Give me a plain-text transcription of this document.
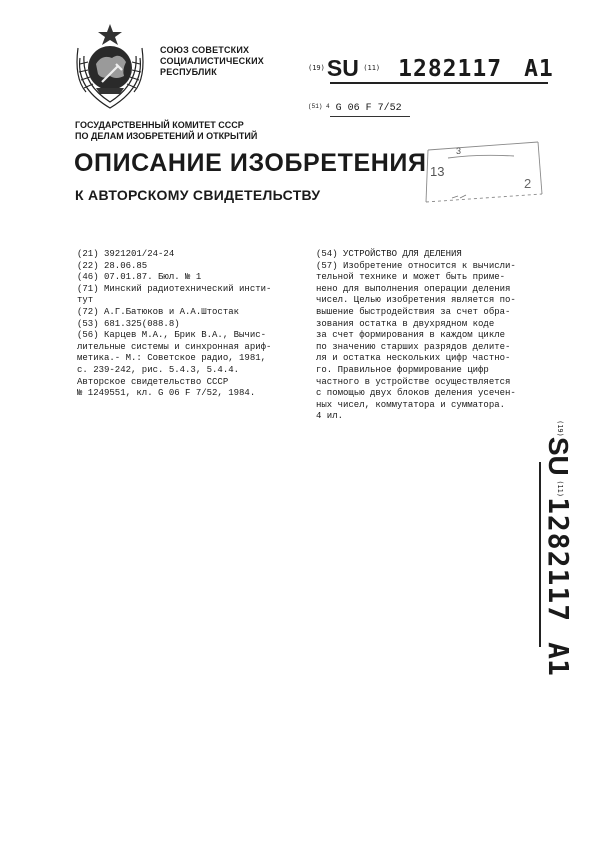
СОЮЗ СОВЕТСКИХ
СОЦИАЛИСТИЧЕСКИХ
РЕСПУБЛИК	$^{(19)}$SU $^{(11)}$ 1282117 A1
$^{(51) 4}$ G 06 F 7/52
ГОСУДАРСТВЕННЫЙ КОМИТЕТ СССР
ПО ДЕЛАМ ИЗОБРЕТЕНИЙ И ОТКРЫТИЙ
ОПИСАНИЕ ИЗОБРЕТЕНИЯ
К АВТОРСКОМУ СВИДЕТЕЛЬСТВУ
3
13
2
(21) 3921201/24-24
(22) 28.06.85
(46) 07.01.87. Бюл. № 1
(71) Минский радиотехнический инсти-
тут
(72) А.Г.Батюков и А.А.Штостак
(53) 681.325(088.8)
(56) Карцев М.А., Брик В.А., Вычис-
лительные системы и синхронная ариф-
метика.- М.: Советское радио, 1981,
с. 239-242, рис. 5.4.3, 5.4.4.
Авторское свидетельство СССР
№ 1249551, кл. G 06 F 7/52, 1984.
(54) УСТРОЙСТВО ДЛЯ ДЕЛЕНИЯ
(57) Изобретение относится к вычисли-
тельной технике и может быть приме-
нено для выполнения операции деления
чисел. Целью изобретения является по-
вышение быстродействия за счет обра-
зования остатка в двухрядном коде
за счет формирования в каждом цикле
по значению старших разрядов делите-
ля и остатка нескольких цифр частно-
го. Правильное формирование цифр
частного в устройстве осуществляется
с помощью двух блоков деления усечен-
ных чисел, коммутатора и сумматора.
4 ил.
$^{(19)}$SU $^{(11)}$1282117A1
